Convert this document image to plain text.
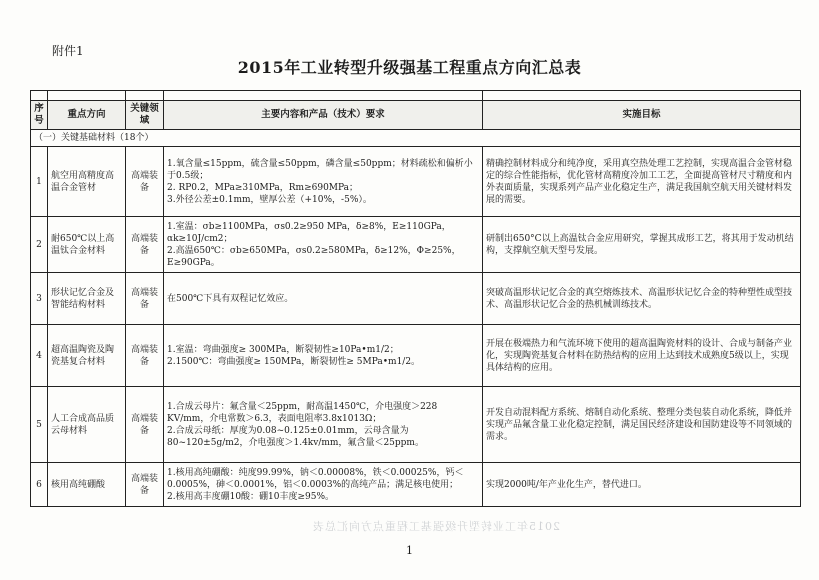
附件1
2015年工业转型升级强基工程重点方向汇总表

序号	重点方向	关键领域	主要内容和产品（技术）要求	实施目标
（一）关键基础材料（18个）				
1	航空用高精度高温合金管材	高端装备	1.氧含量≤15ppm，硫含量≤50ppm，磷含量≤50ppm；材料疏松和偏析小于0.5级；

2. RP0.2，MPa≥310MPa，Rm≥690MPa；

3.外径公差±0.1mm，壁厚公差（+10%，-5%）。	精确控制材料成分和纯净度，采用真空热处理工艺控制，实现高温合金管材稳定的综合性能指标，优化管材高精度冷加工工艺，全面提高管材尺寸精度和内外表面质量，实现系列产品产业化稳定生产，满足我国航空航天用关键材料发展的需要。
2	耐650℃以上高温钛合金材料	高端装备	1.室温：σb≥1100MPa，σs0.2≥950 MPa，δ≥8%，E≥110GPa，αk≥10J/cm2；

2.高温650℃：σb≥650MPa，σs0.2≥580MPa，δ≥12%，Φ≥25%，E≥90GPa。	研制出650°C以上高温钛合金应用研究，掌握其成形工艺，将其用于发动机结构，支撑航空航天型号发展。
3	形状记忆合金及智能结构材料	高端装备	在500℃下具有双程记忆效应。	突破高温形状记忆合金的真空熔炼技术、高温形状记忆合金的特种塑性成型技术、高温形状记忆合金的热机械训练技术。
4	超高温陶瓷及陶瓷基复合材料	高端装备	1.室温：弯曲强度≥ 300MPa，断裂韧性≥10Pa•m1/2；

2.1500℃：弯曲强度≥ 150MPa，断裂韧性≥ 5MPa•m1/2。	开展在极端热力和气流环境下使用的超高温陶瓷材料的设计、合成与制备产业化，实现陶瓷基复合材料在防热结构的应用上达到技术成熟度5级以上，实现具体结构的应用。
5	人工合成高品质云母材料	高端装备	1.合成云母片：氟含量＜25ppm，耐高温1450℃，介电强度＞228 KV/mm，介电常数＞6.3，表面电阻率3.8x1013Ω；

2.合成云母纸：厚度为0.08~0.125±0.01mm，云母含量为80~120±5g/m2，介电强度＞1.4kv/mm，氟含量＜25ppm。	开发自动混料配方系统、熔制自动化系统、整理分类包装自动化系统，降低并实现产品氟含量工业化稳定控制，满足国民经济建设和国防建设等不同领域的需求。
6	核用高纯硼酸	高端装备	1.核用高纯硼酸：纯度99.99%，钠＜0.00008%，铁＜0.00025%，钙＜0.0005%，砷＜0.0001%，铝＜0.0003%的高纯产品；满足核电使用；

2.核用高丰度硼10酸：硼10丰度≥95%。	实现2000吨/年产业化生产，替代进口。
2015年工业转型升级强基工程重点方向汇总表
1
